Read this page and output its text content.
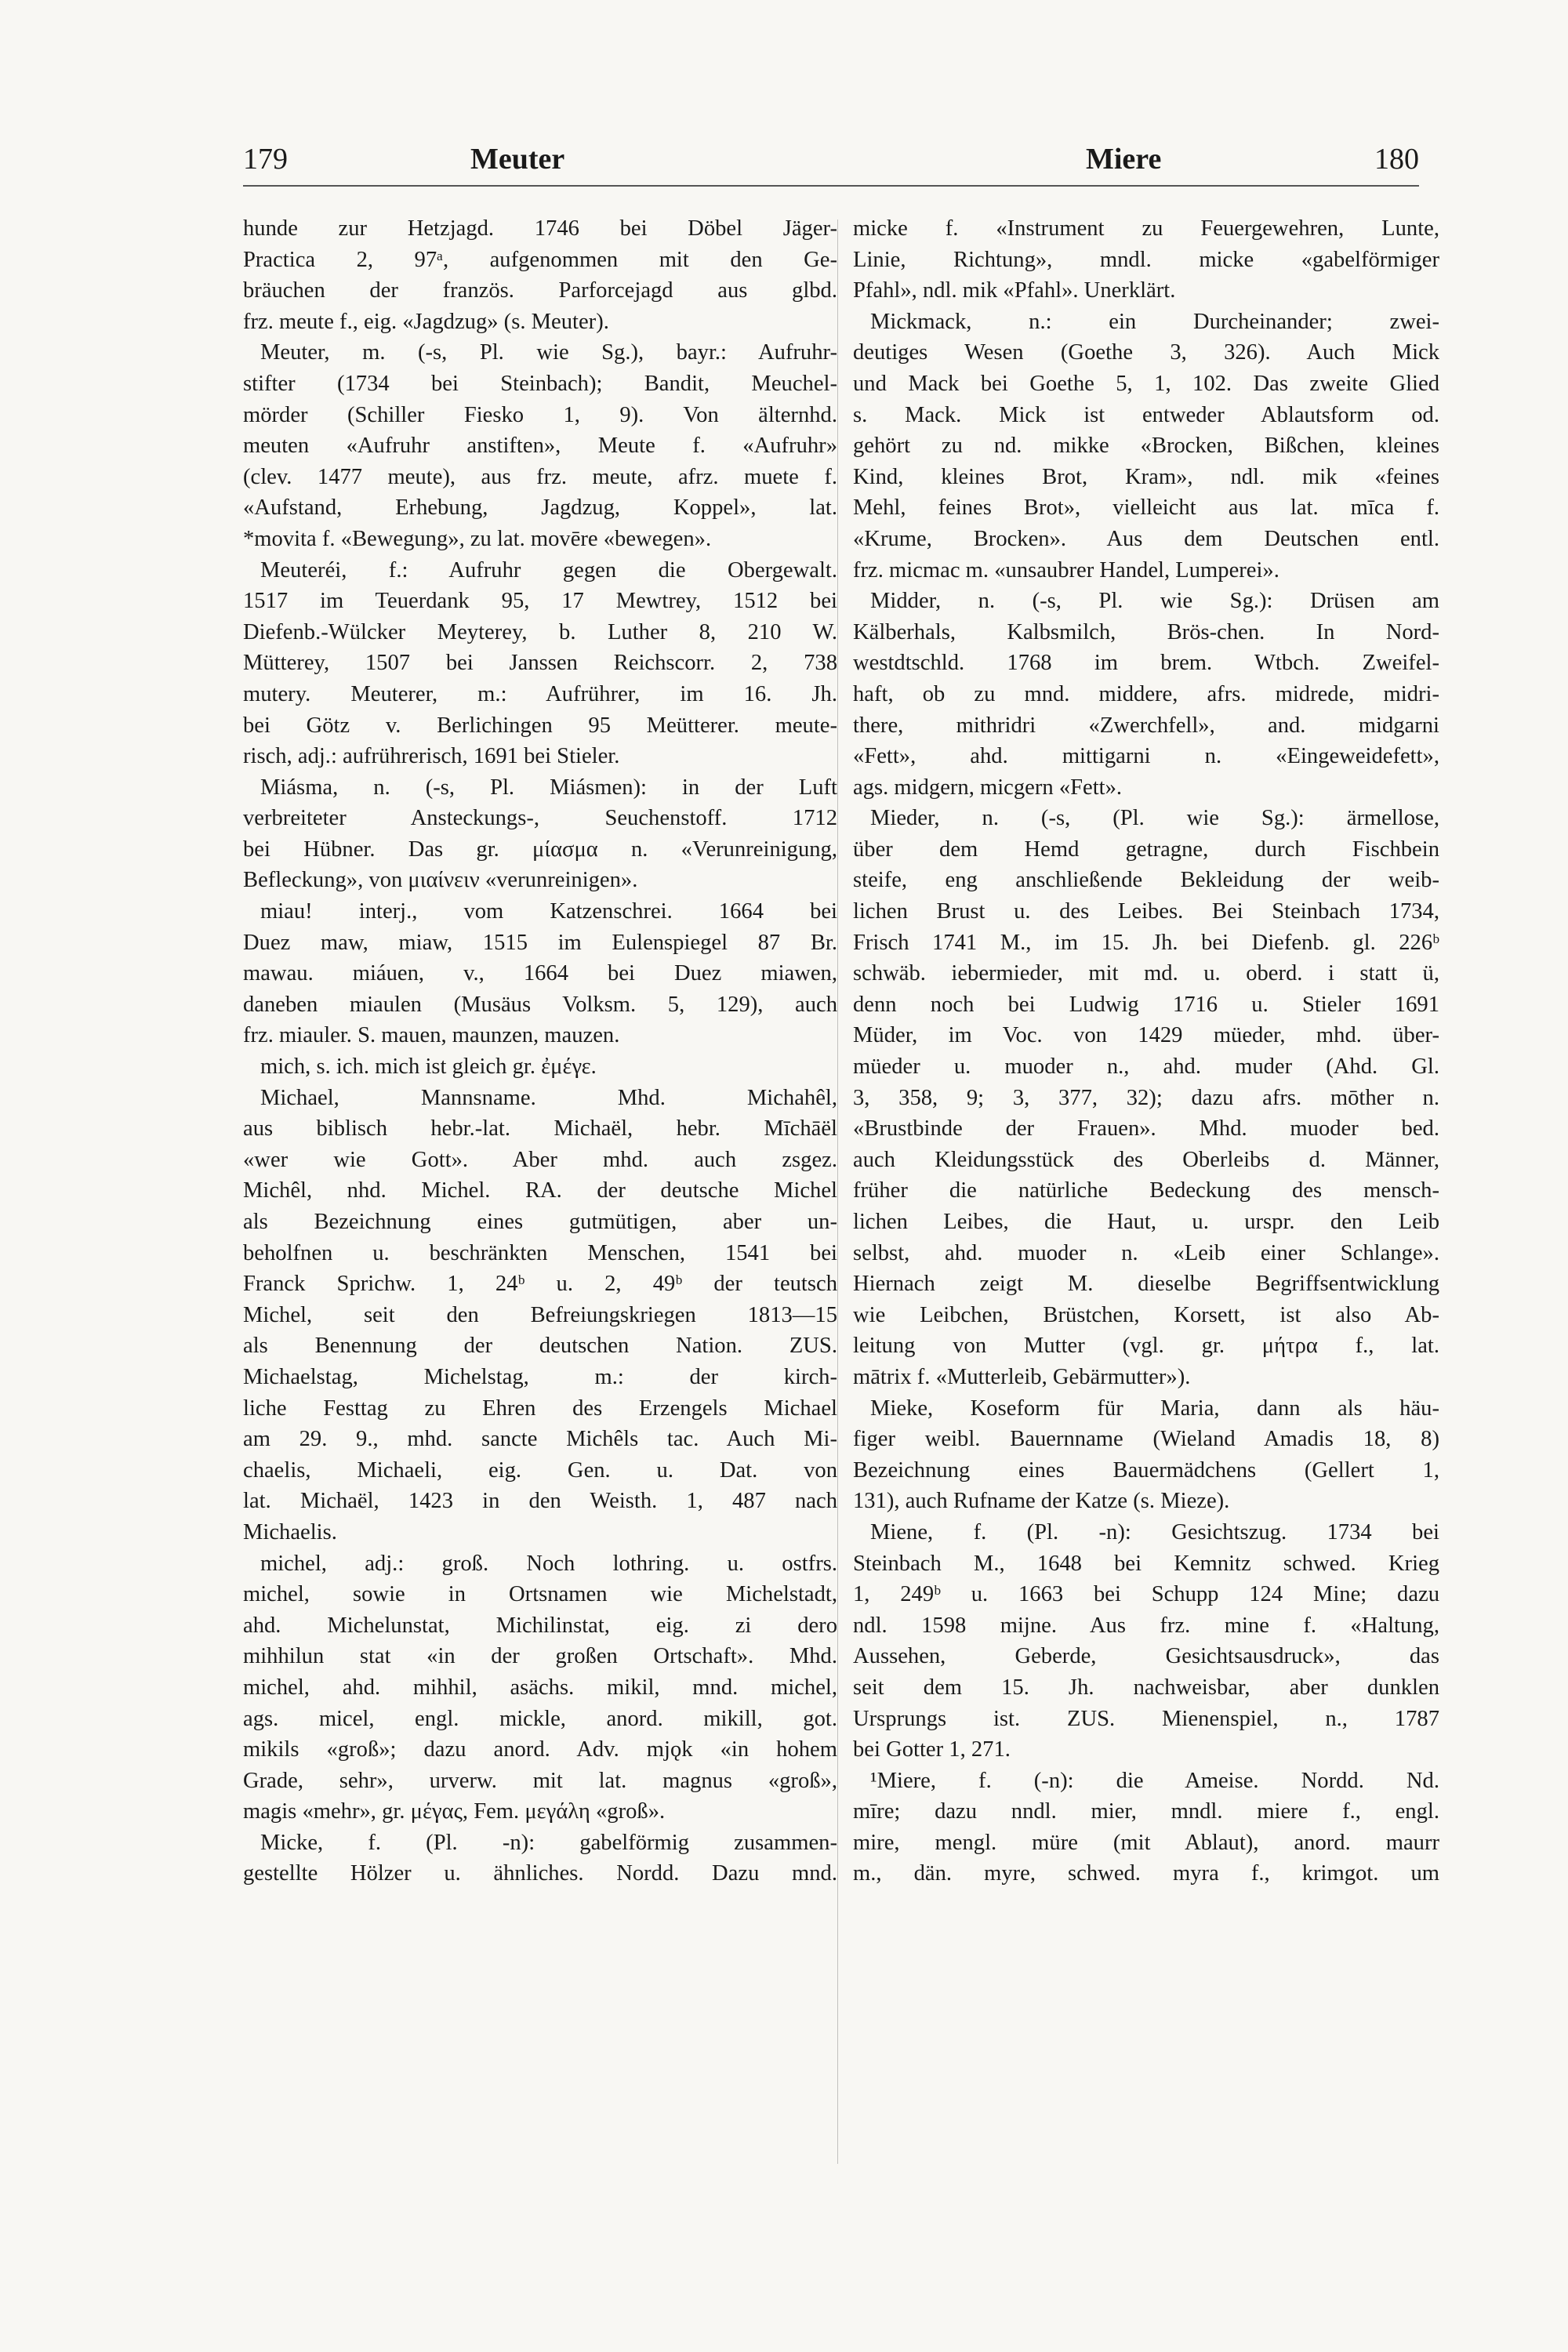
179	Meuter	Miere	180
hunde zur Hetzjagd. 1746 bei Döbel Jäger-
Practica 2, 97ᵃ, aufgenommen mit den Ge-
bräuchen der französ. Parforcejagd aus glbd.
frz. meute f., eig. «Jagdzug» (s. Meuter).
Meuter, m. (-s, Pl. wie Sg.), bayr.: Aufruhr-
stifter (1734 bei Steinbach); Bandit, Meuchel-
mörder (Schiller Fiesko 1, 9). Von älternhd.
meuten «Aufruhr anstiften», Meute f. «Aufruhr»
(clev. 1477 meute), aus frz. meute, afrz. muete f.
«Aufstand, Erhebung, Jagdzug, Koppel», lat.
*movita f. «Bewegung», zu lat. movēre «bewegen».
Meuteréi, f.: Aufruhr gegen die Obergewalt.
1517 im Teuerdank 95, 17 Mewtrey, 1512 bei
Diefenb.-Wülcker Meyterey, b. Luther 8, 210 W.
Mütterey, 1507 bei Janssen Reichscorr. 2, 738
mutery. Meuterer, m.: Aufrührer, im 16. Jh.
bei Götz v. Berlichingen 95 Meütterer. meute-
risch, adj.: aufrührerisch, 1691 bei Stieler.
Miásma, n. (-s, Pl. Miásmen): in der Luft
verbreiteter Ansteckungs-, Seuchenstoff. 1712
bei Hübner. Das gr. μίασμα n. «Verunreinigung,
Befleckung», von μιαίνειν «verunreinigen».
miau! interj., vom Katzenschrei. 1664 bei
Duez maw, miaw, 1515 im Eulenspiegel 87 Br.
mawau. miáuen, v., 1664 bei Duez miawen,
daneben miaulen (Musäus Volksm. 5, 129), auch
frz. miauler. S. mauen, maunzen, mauzen.
mich, s. ich. mich ist gleich gr. ἐμέγε.
Michael, Mannsname. Mhd. Michahêl,
aus biblisch hebr.-lat. Michaël, hebr. Mīchāël
«wer wie Gott». Aber mhd. auch zsgez.
Michêl, nhd. Michel. RA. der deutsche Michel
als Bezeichnung eines gutmütigen, aber un-
beholfnen u. beschränkten Menschen, 1541 bei
Franck Sprichw. 1, 24ᵇ u. 2, 49ᵇ der teutsch
Michel, seit den Befreiungskriegen 1813—15
als Benennung der deutschen Nation. ZUS.
Michaelstag, Michelstag, m.: der kirch-
liche Festtag zu Ehren des Erzengels Michael
am 29. 9., mhd. sancte Michêls tac. Auch Mi-
chaelis, Michaeli, eig. Gen. u. Dat. von
lat. Michaël, 1423 in den Weisth. 1, 487 nach
Michaelis.
michel, adj.: groß. Noch lothring. u. ostfrs.
michel, sowie in Ortsnamen wie Michelstadt,
ahd. Michelunstat, Michilinstat, eig. zi dero
mihhilun stat «in der großen Ortschaft». Mhd.
michel, ahd. mihhil, asächs. mikil, mnd. michel,
ags. micel, engl. mickle, anord. mikill, got.
mikils «groß»; dazu anord. Adv. mjǫk «in hohem
Grade, sehr», urverw. mit lat. magnus «groß»,
magis «mehr», gr. μέγας, Fem. μεγάλη «groß».
Micke, f. (Pl. -n): gabelförmig zusammen-
gestellte Hölzer u. ähnliches. Nordd. Dazu mnd.
micke f. «Instrument zu Feuergewehren, Lunte,
Linie, Richtung», mndl. micke «gabelförmiger
Pfahl», ndl. mik «Pfahl». Unerklärt.
Mickmack, n.: ein Durcheinander; zwei-
deutiges Wesen (Goethe 3, 326). Auch Mick
und Mack bei Goethe 5, 1, 102. Das zweite Glied
s. Mack. Mick ist entweder Ablautsform od.
gehört zu nd. mikke «Brocken, Bißchen, kleines
Kind, kleines Brot, Kram», ndl. mik «feines
Mehl, feines Brot», vielleicht aus lat. mīca f.
«Krume, Brocken». Aus dem Deutschen entl.
frz. micmac m. «unsaubrer Handel, Lumperei».
Midder, n. (-s, Pl. wie Sg.): Drüsen am
Kälberhals, Kalbsmilch, Brös-chen. In Nord-
westdtschld. 1768 im brem. Wtbch. Zweifel-
haft, ob zu mnd. middere, afrs. midrede, midri-
there, mithridri «Zwerchfell», and. midgarni
«Fett», ahd. mittigarni n. «Eingeweidefett»,
ags. midgern, micgern «Fett».
Mieder, n. (-s, (Pl. wie Sg.): ärmellose,
über dem Hemd getragne, durch Fischbein
steife, eng anschließende Bekleidung der weib-
lichen Brust u. des Leibes. Bei Steinbach 1734,
Frisch 1741 M., im 15. Jh. bei Diefenb. gl. 226ᵇ
schwäb. iebermieder, mit md. u. oberd. i statt ü,
denn noch bei Ludwig 1716 u. Stieler 1691
Müder, im Voc. von 1429 müeder, mhd. über-
müeder u. muoder n., ahd. muder (Ahd. Gl.
3, 358, 9; 3, 377, 32); dazu afrs. mōther n.
«Brustbinde der Frauen». Mhd. muoder bed.
auch Kleidungsstück des Oberleibs d. Männer,
früher die natürliche Bedeckung des mensch-
lichen Leibes, die Haut, u. urspr. den Leib
selbst, ahd. muoder n. «Leib einer Schlange».
Hiernach zeigt M. dieselbe Begriffsentwicklung
wie Leibchen, Brüstchen, Korsett, ist also Ab-
leitung von Mutter (vgl. gr. μήτρα f., lat.
mātrix f. «Mutterleib, Gebärmutter»).
Mieke, Koseform für Maria, dann als häu-
figer weibl. Bauernname (Wieland Amadis 18, 8)
Bezeichnung eines Bauermädchens (Gellert 1,
131), auch Rufname der Katze (s. Mieze).
Miene, f. (Pl. -n): Gesichtszug. 1734 bei
Steinbach M., 1648 bei Kemnitz schwed. Krieg
1, 249ᵇ u. 1663 bei Schupp 124 Mine; dazu
ndl. 1598 mijne. Aus frz. mine f. «Haltung,
Aussehen, Geberde, Gesichtsausdruck», das
seit dem 15. Jh. nachweisbar, aber dunklen
Ursprungs ist. ZUS. Mienenspiel, n., 1787
bei Gotter 1, 271.
¹Miere, f. (-n): die Ameise. Nordd. Nd.
mīre; dazu nndl. mier, mndl. miere f., engl.
mire, mengl. müre (mit Ablaut), anord. maurr
m., dän. myre, schwed. myra f., krimgot. um
